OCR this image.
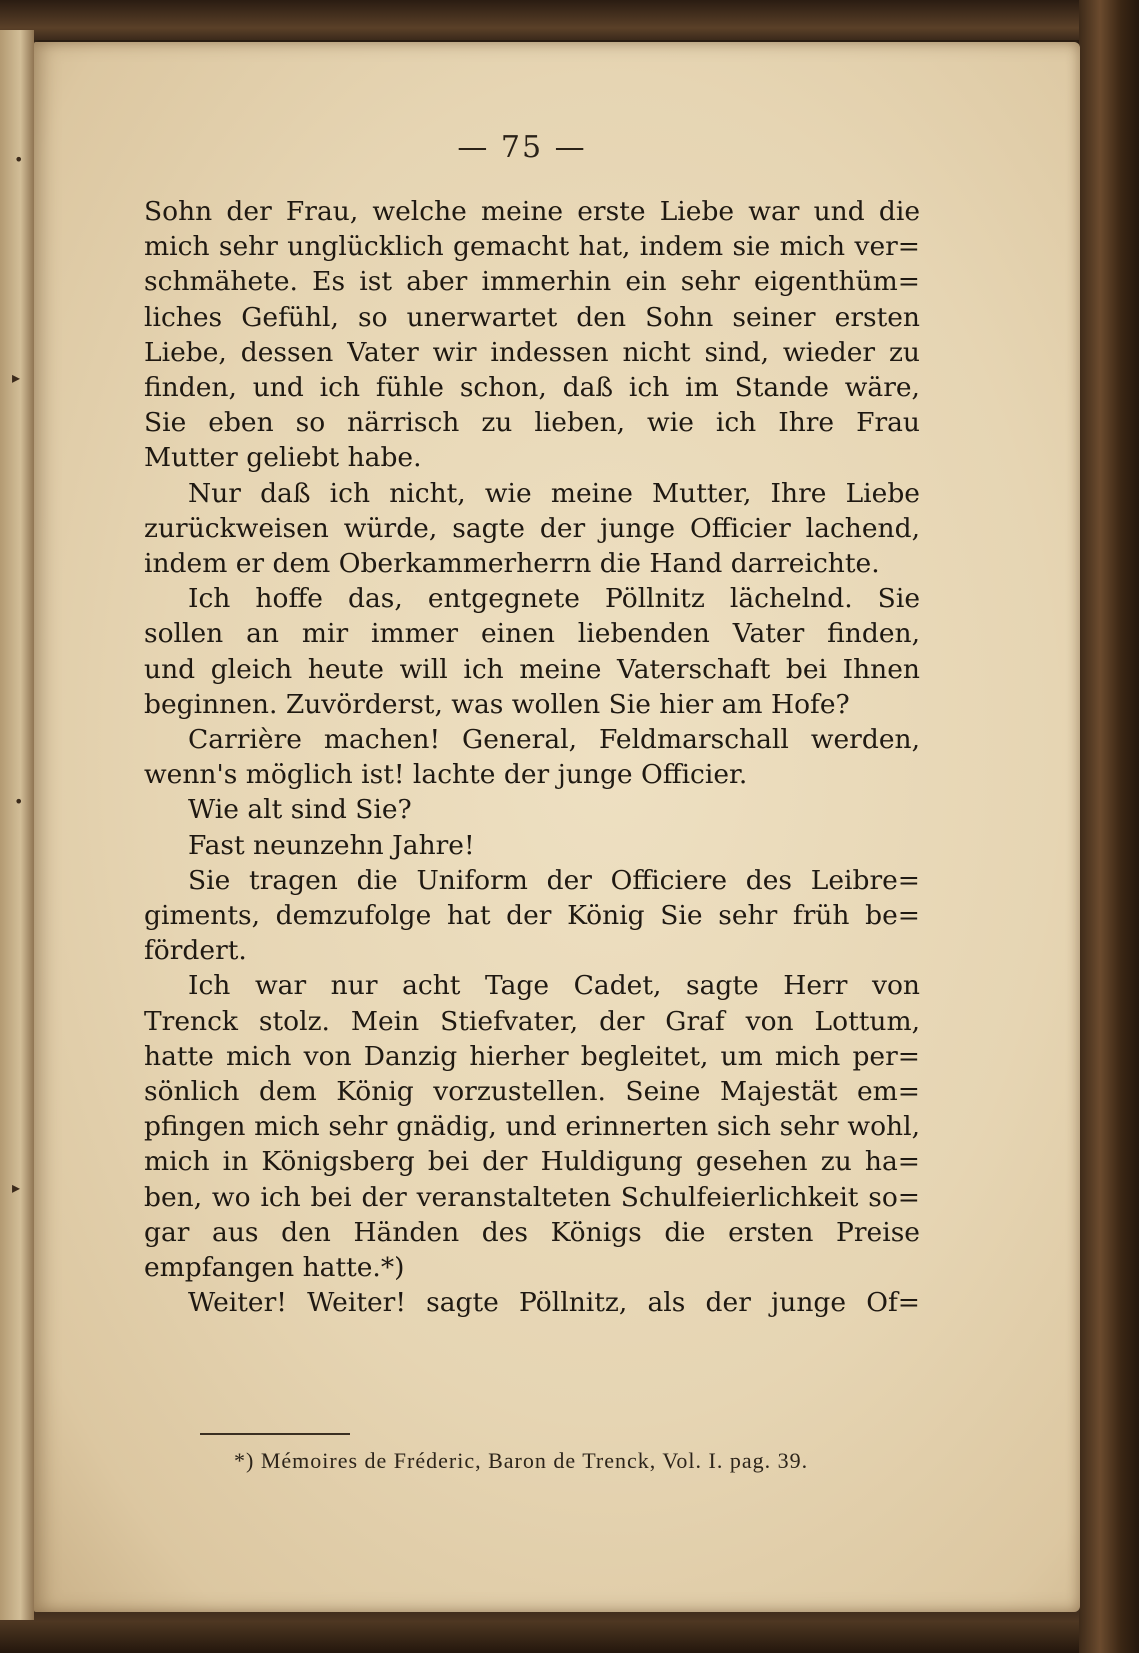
•
▸
•
▸
— 75 —
Sohn der Frau, welche meine erste Liebe war und die
mich sehr unglücklich gemacht hat, indem sie mich ver=
schmähete. Es ist aber immerhin ein sehr eigenthüm=
liches Gefühl, so unerwartet den Sohn seiner ersten
Liebe, dessen Vater wir indessen nicht sind, wieder zu
finden, und ich fühle schon, daß ich im Stande wäre,
Sie eben so närrisch zu lieben, wie ich Ihre Frau
Mutter geliebt habe.
Nur daß ich nicht, wie meine Mutter, Ihre Liebe
zurückweisen würde, sagte der junge Officier lachend,
indem er dem Oberkammerherrn die Hand darreichte.
Ich hoffe das, entgegnete Pöllnitz lächelnd. Sie
sollen an mir immer einen liebenden Vater finden,
und gleich heute will ich meine Vaterschaft bei Ihnen
beginnen. Zuvörderst, was wollen Sie hier am Hofe?
Carrière machen! General, Feldmarschall werden,
wenn's möglich ist! lachte der junge Officier.
Wie alt sind Sie?
Fast neunzehn Jahre!
Sie tragen die Uniform der Officiere des Leibre=
giments, demzufolge hat der König Sie sehr früh be=
fördert.
Ich war nur acht Tage Cadet, sagte Herr von
Trenck stolz. Mein Stiefvater, der Graf von Lottum,
hatte mich von Danzig hierher begleitet, um mich per=
sönlich dem König vorzustellen. Seine Majestät em=
pfingen mich sehr gnädig, und erinnerten sich sehr wohl,
mich in Königsberg bei der Huldigung gesehen zu ha=
ben, wo ich bei der veranstalteten Schulfeierlichkeit so=
gar aus den Händen des Königs die ersten Preise
empfangen hatte.*)
Weiter! Weiter! sagte Pöllnitz, als der junge Of=
*) Mémoires de Fréderic, Baron de Trenck, Vol. I. pag. 39.
